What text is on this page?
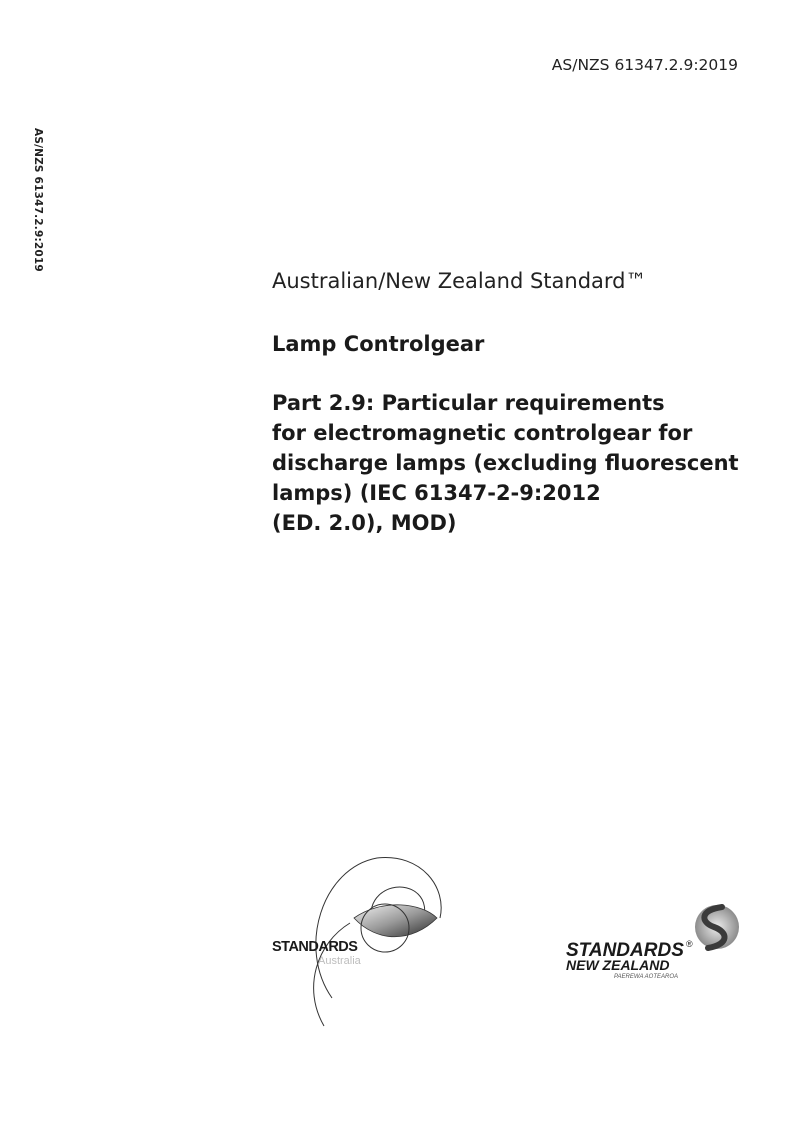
AS/NZS 61347.2.9:2019
AS/NZS 61347.2.9:2019
Australian/New Zealand Standard™
Lamp Controlgear
Part 2.9: Particular requirements
for electromagnetic controlgear for
discharge lamps (excluding fluorescent
lamps) (IEC 61347-2-9:2012
(ED. 2.0), MOD)
STANDARDS
Australia	STANDARDS ®
NEW ZEALAND
PAEREWA AOTEAROA
